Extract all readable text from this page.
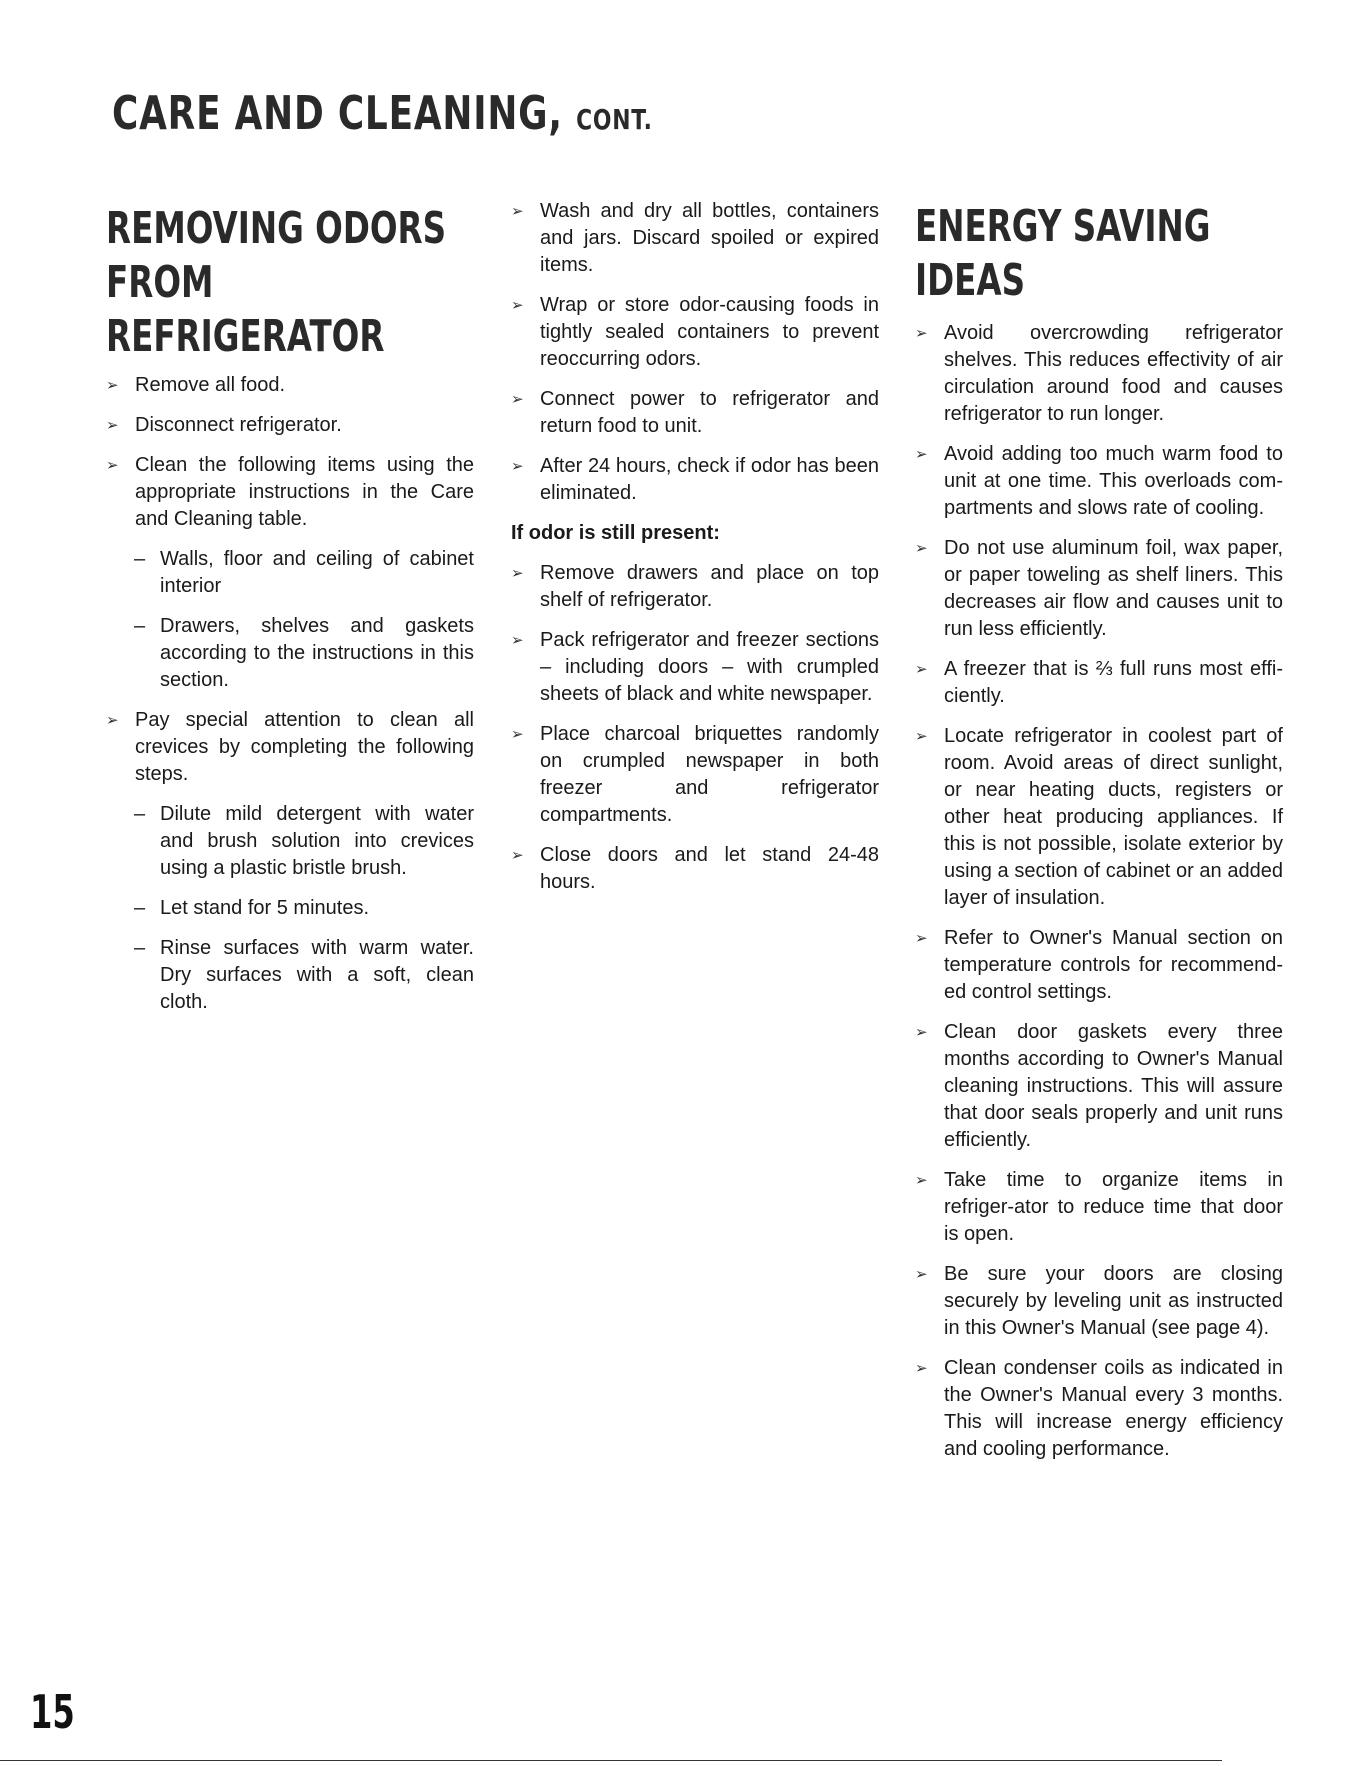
CARE AND CLEANING, CONT.
REMOVING ODORS FROM REFRIGERATOR
➢ Remove all food.
➢ Disconnect refrigerator.
➢ Clean the following items using the appropriate instructions in the Care and Cleaning table.
– Walls, floor and ceiling of cabinet interior
– Drawers, shelves and gaskets according to the instructions in this section.
➢ Pay special attention to clean all crevices by completing the following steps.
– Dilute mild detergent with water and brush solution into crevices using a plastic bristle brush.
– Let stand for 5 minutes.
– Rinse surfaces with warm water. Dry surfaces with a soft, clean cloth.
➢ Wash and dry all bottles, containers and jars. Discard spoiled or expired items.
➢ Wrap or store odor-causing foods in tightly sealed containers to prevent reoccurring odors.
➢ Connect power to refrigerator and return food to unit.
➢ After 24 hours, check if odor has been eliminated.
If odor is still present:
➢ Remove drawers and place on top shelf of refrigerator.
➢ Pack refrigerator and freezer sections – including doors – with crumpled sheets of black and white newspaper.
➢ Place charcoal briquettes randomly on crumpled newspaper in both freezer and refrigerator compartments.
➢ Close doors and let stand 24-48 hours.
ENERGY SAVING IDEAS
➢ Avoid overcrowding refrigerator shelves. This reduces effectivity of air circulation around food and causes refrigerator to run longer.
➢ Avoid adding too much warm food to unit at one time. This overloads com-partments and slows rate of cooling.
➢ Do not use aluminum foil, wax paper, or paper toweling as shelf liners. This decreases air flow and causes unit to run less efficiently.
➢ A freezer that is ⅔ full runs most effi-ciently.
➢ Locate refrigerator in coolest part of room. Avoid areas of direct sunlight, or near heating ducts, registers or other heat producing appliances. If this is not possible, isolate exterior by using a section of cabinet or an added layer of insulation.
➢ Refer to Owner's Manual section on temperature controls for recommend-ed control settings.
➢ Clean door gaskets every three months according to Owner's Manual cleaning instructions. This will assure that door seals properly and unit runs efficiently.
➢ Take time to organize items in refriger-ator to reduce time that door is open.
➢ Be sure your doors are closing securely by leveling unit as instructed in this Owner's Manual (see page 4).
➢ Clean condenser coils as indicated in the Owner's Manual every 3 months. This will increase energy efficiency and cooling performance.
15
